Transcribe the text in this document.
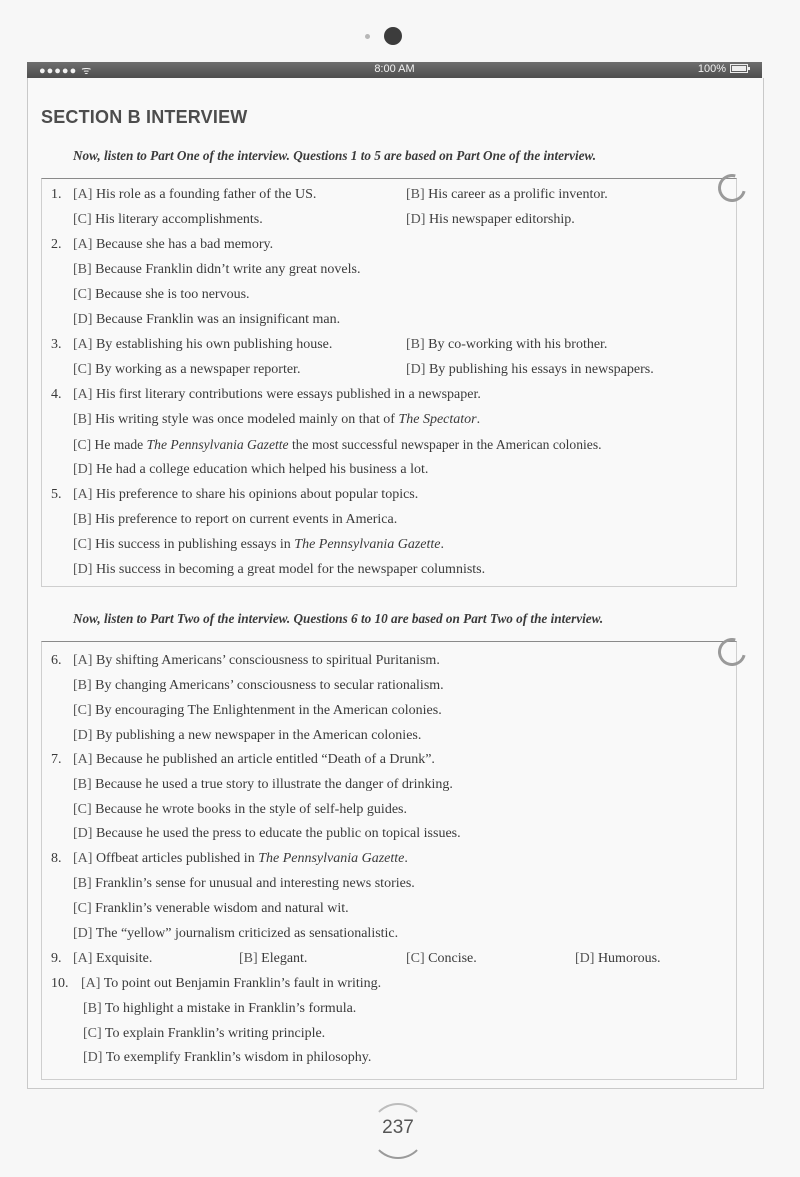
●●●●● ᯤ	8:00 AM	100%
SECTION B INTERVIEW
Now, listen to Part One of the interview. Questions 1 to 5 are based on Part One of the interview.
1. [A] His role as a founding father of the US.	[B] His career as a prolific inventor.
[C] His literary accomplishments.	[D] His newspaper editorship.
2. [A] Because she has a bad memory.
[B] Because Franklin didn’t write any great novels.
[C] Because she is too nervous.
[D] Because Franklin was an insignificant man.
3. [A] By establishing his own publishing house.	[B] By co-working with his brother.
[C] By working as a newspaper reporter.	[D] By publishing his essays in newspapers.
4. [A] His first literary contributions were essays published in a newspaper.
[B] His writing style was once modeled mainly on that of The Spectator.
[C] He made The Pennsylvania Gazette the most successful newspaper in the American colonies.
[D] He had a college education which helped his business a lot.
5. [A] His preference to share his opinions about popular topics.
[B] His preference to report on current events in America.
[C] His success in publishing essays in The Pennsylvania Gazette.
[D] His success in becoming a great model for the newspaper columnists.
Now, listen to Part Two of the interview. Questions 6 to 10 are based on Part Two of the interview.
6. [A] By shifting Americans’ consciousness to spiritual Puritanism.
[B] By changing Americans’ consciousness to secular rationalism.
[C] By encouraging The Enlightenment in the American colonies.
[D] By publishing a new newspaper in the American colonies.
7. [A] Because he published an article entitled “Death of a Drunk”.
[B] Because he used a true story to illustrate the danger of drinking.
[C] Because he wrote books in the style of self-help guides.
[D] Because he used the press to educate the public on topical issues.
8. [A] Offbeat articles published in The Pennsylvania Gazette.
[B] Franklin’s sense for unusual and interesting news stories.
[C] Franklin’s venerable wisdom and natural wit.
[D] The “yellow” journalism criticized as sensationalistic.
9. [A] Exquisite.	[B] Elegant.	[C] Concise.	[D] Humorous.
10. [A] To point out Benjamin Franklin’s fault in writing.
[B] To highlight a mistake in Franklin’s formula.
[C] To explain Franklin’s writing principle.
[D] To exemplify Franklin’s wisdom in philosophy.
237
